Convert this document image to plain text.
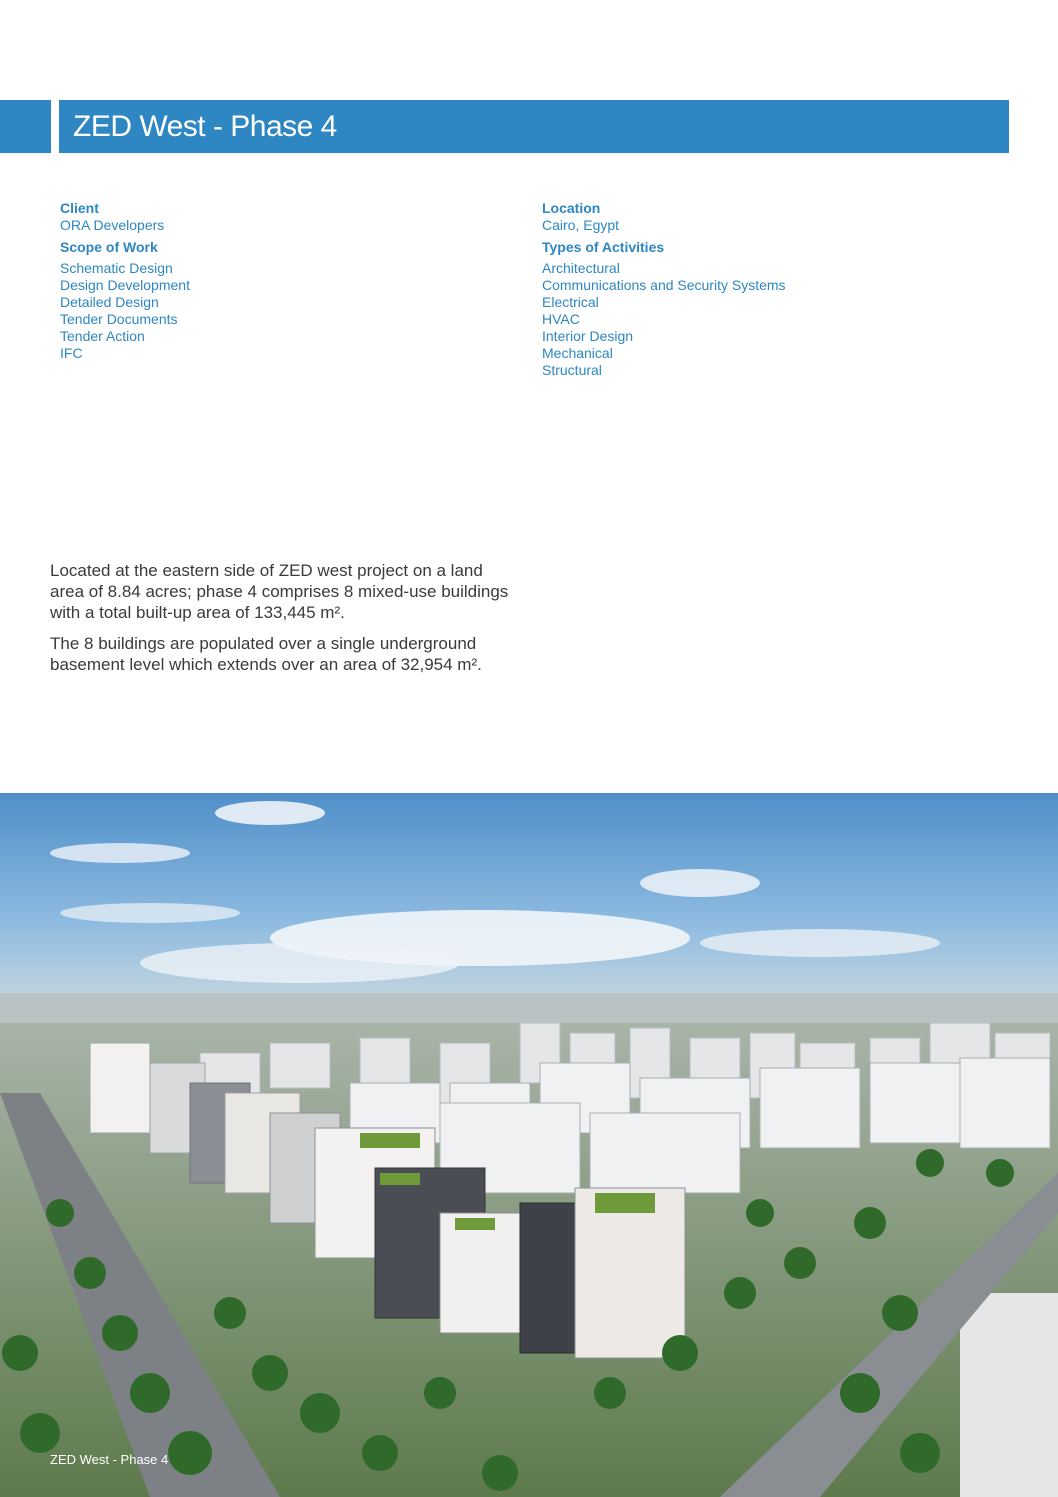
ZED West - Phase 4
Client
ORA Developers
Scope of Work
Schematic Design
Design Development
Detailed Design
Tender Documents
Tender Action
IFC
Location
Cairo, Egypt
Types of Activities
Architectural
Communications and Security Systems
Electrical
HVAC
Interior Design
Mechanical
Structural

Located at the eastern side of ZED west project on a land area of 8.84 acres; phase 4 comprises 8 mixed-use buildings with a total built-up area of 133,445 m².

The 8 buildings are populated over a single underground basement level which extends over an area of 32,954 m².

ZED West - Phase 4
